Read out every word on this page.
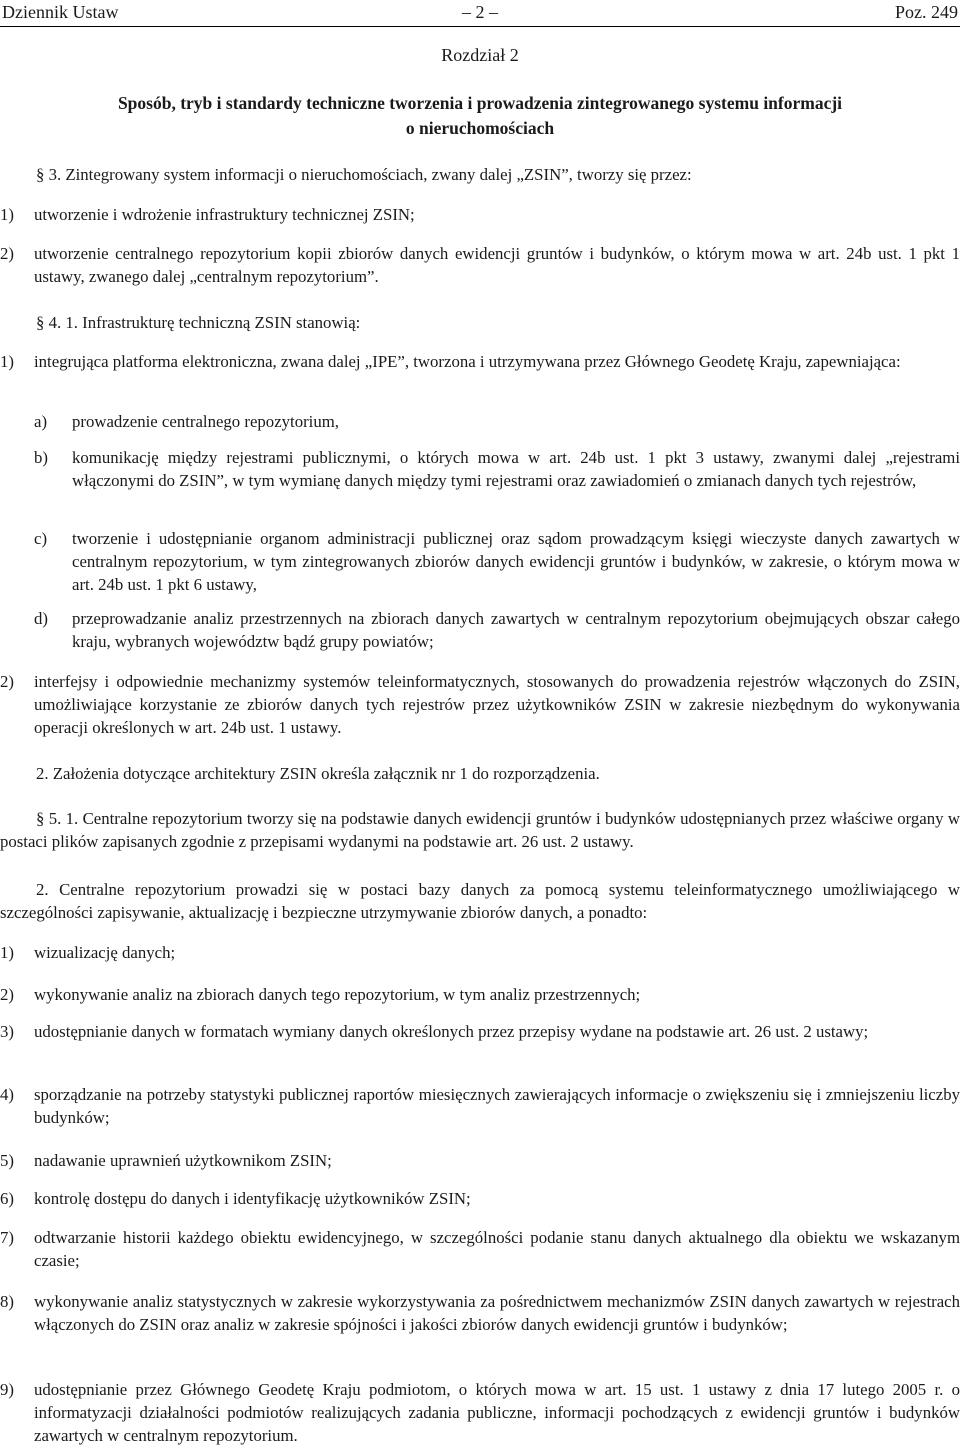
Dziennik Ustaw	– 2 –	Poz. 249
Rozdział 2
Sposób, tryb i standardy techniczne tworzenia i prowadzenia zintegrowanego systemu informacji
o nieruchomościach
§ 3. Zintegrowany system informacji o nieruchomościach, zwany dalej „ZSIN”, tworzy się przez:
1) utworzenie i wdrożenie infrastruktury technicznej ZSIN;
2) utworzenie centralnego repozytorium kopii zbiorów danych ewidencji gruntów i budynków, o którym mowa w art. 24b ust. 1 pkt 1 ustawy, zwanego dalej „centralnym repozytorium”.
§ 4. 1. Infrastrukturę techniczną ZSIN stanowią:
1) integrująca platforma elektroniczna, zwana dalej „IPE”, tworzona i utrzymywana przez Głównego Geodetę Kraju, zapewniająca:
a) prowadzenie centralnego repozytorium,
b) komunikację między rejestrami publicznymi, o których mowa w art. 24b ust. 1 pkt 3 ustawy, zwanymi dalej „rejestrami włączonymi do ZSIN”, w tym wymianę danych między tymi rejestrami oraz zawiadomień o zmianach danych tych rejestrów,
c) tworzenie i udostępnianie organom administracji publicznej oraz sądom prowadzącym księgi wieczyste danych zawartych w centralnym repozytorium, w tym zintegrowanych zbiorów danych ewidencji gruntów i budynków, w zakresie, o którym mowa w art. 24b ust. 1 pkt 6 ustawy,
d) przeprowadzanie analiz przestrzennych na zbiorach danych zawartych w centralnym repozytorium obejmujących obszar całego kraju, wybranych województw bądź grupy powiatów;
2) interfejsy i odpowiednie mechanizmy systemów teleinformatycznych, stosowanych do prowadzenia rejestrów włączonych do ZSIN, umożliwiające korzystanie ze zbiorów danych tych rejestrów przez użytkowników ZSIN w zakresie niezbędnym do wykonywania operacji określonych w art. 24b ust. 1 ustawy.
2. Założenia dotyczące architektury ZSIN określa załącznik nr 1 do rozporządzenia.
§ 5. 1. Centralne repozytorium tworzy się na podstawie danych ewidencji gruntów i budynków udostępnianych przez właściwe organy w postaci plików zapisanych zgodnie z przepisami wydanymi na podstawie art. 26 ust. 2 ustawy.
2. Centralne repozytorium prowadzi się w postaci bazy danych za pomocą systemu teleinformatycznego umożliwiającego w szczególności zapisywanie, aktualizację i bezpieczne utrzymywanie zbiorów danych, a ponadto:
1) wizualizację danych;
2) wykonywanie analiz na zbiorach danych tego repozytorium, w tym analiz przestrzennych;
3) udostępnianie danych w formatach wymiany danych określonych przez przepisy wydane na podstawie art. 26 ust. 2 ustawy;
4) sporządzanie na potrzeby statystyki publicznej raportów miesięcznych zawierających informacje o zwiększeniu się i zmniejszeniu liczby budynków;
5) nadawanie uprawnień użytkownikom ZSIN;
6) kontrolę dostępu do danych i identyfikację użytkowników ZSIN;
7) odtwarzanie historii każdego obiektu ewidencyjnego, w szczególności podanie stanu danych aktualnego dla obiektu we wskazanym czasie;
8) wykonywanie analiz statystycznych w zakresie wykorzystywania za pośrednictwem mechanizmów ZSIN danych zawartych w rejestrach włączonych do ZSIN oraz analiz w zakresie spójności i jakości zbiorów danych ewidencji gruntów i budynków;
9) udostępnianie przez Głównego Geodetę Kraju podmiotom, o których mowa w art. 15 ust. 1 ustawy z dnia 17 lutego 2005 r. o informatyzacji działalności podmiotów realizujących zadania publiczne, informacji pochodzących z ewidencji gruntów i budynków zawartych w centralnym repozytorium.
